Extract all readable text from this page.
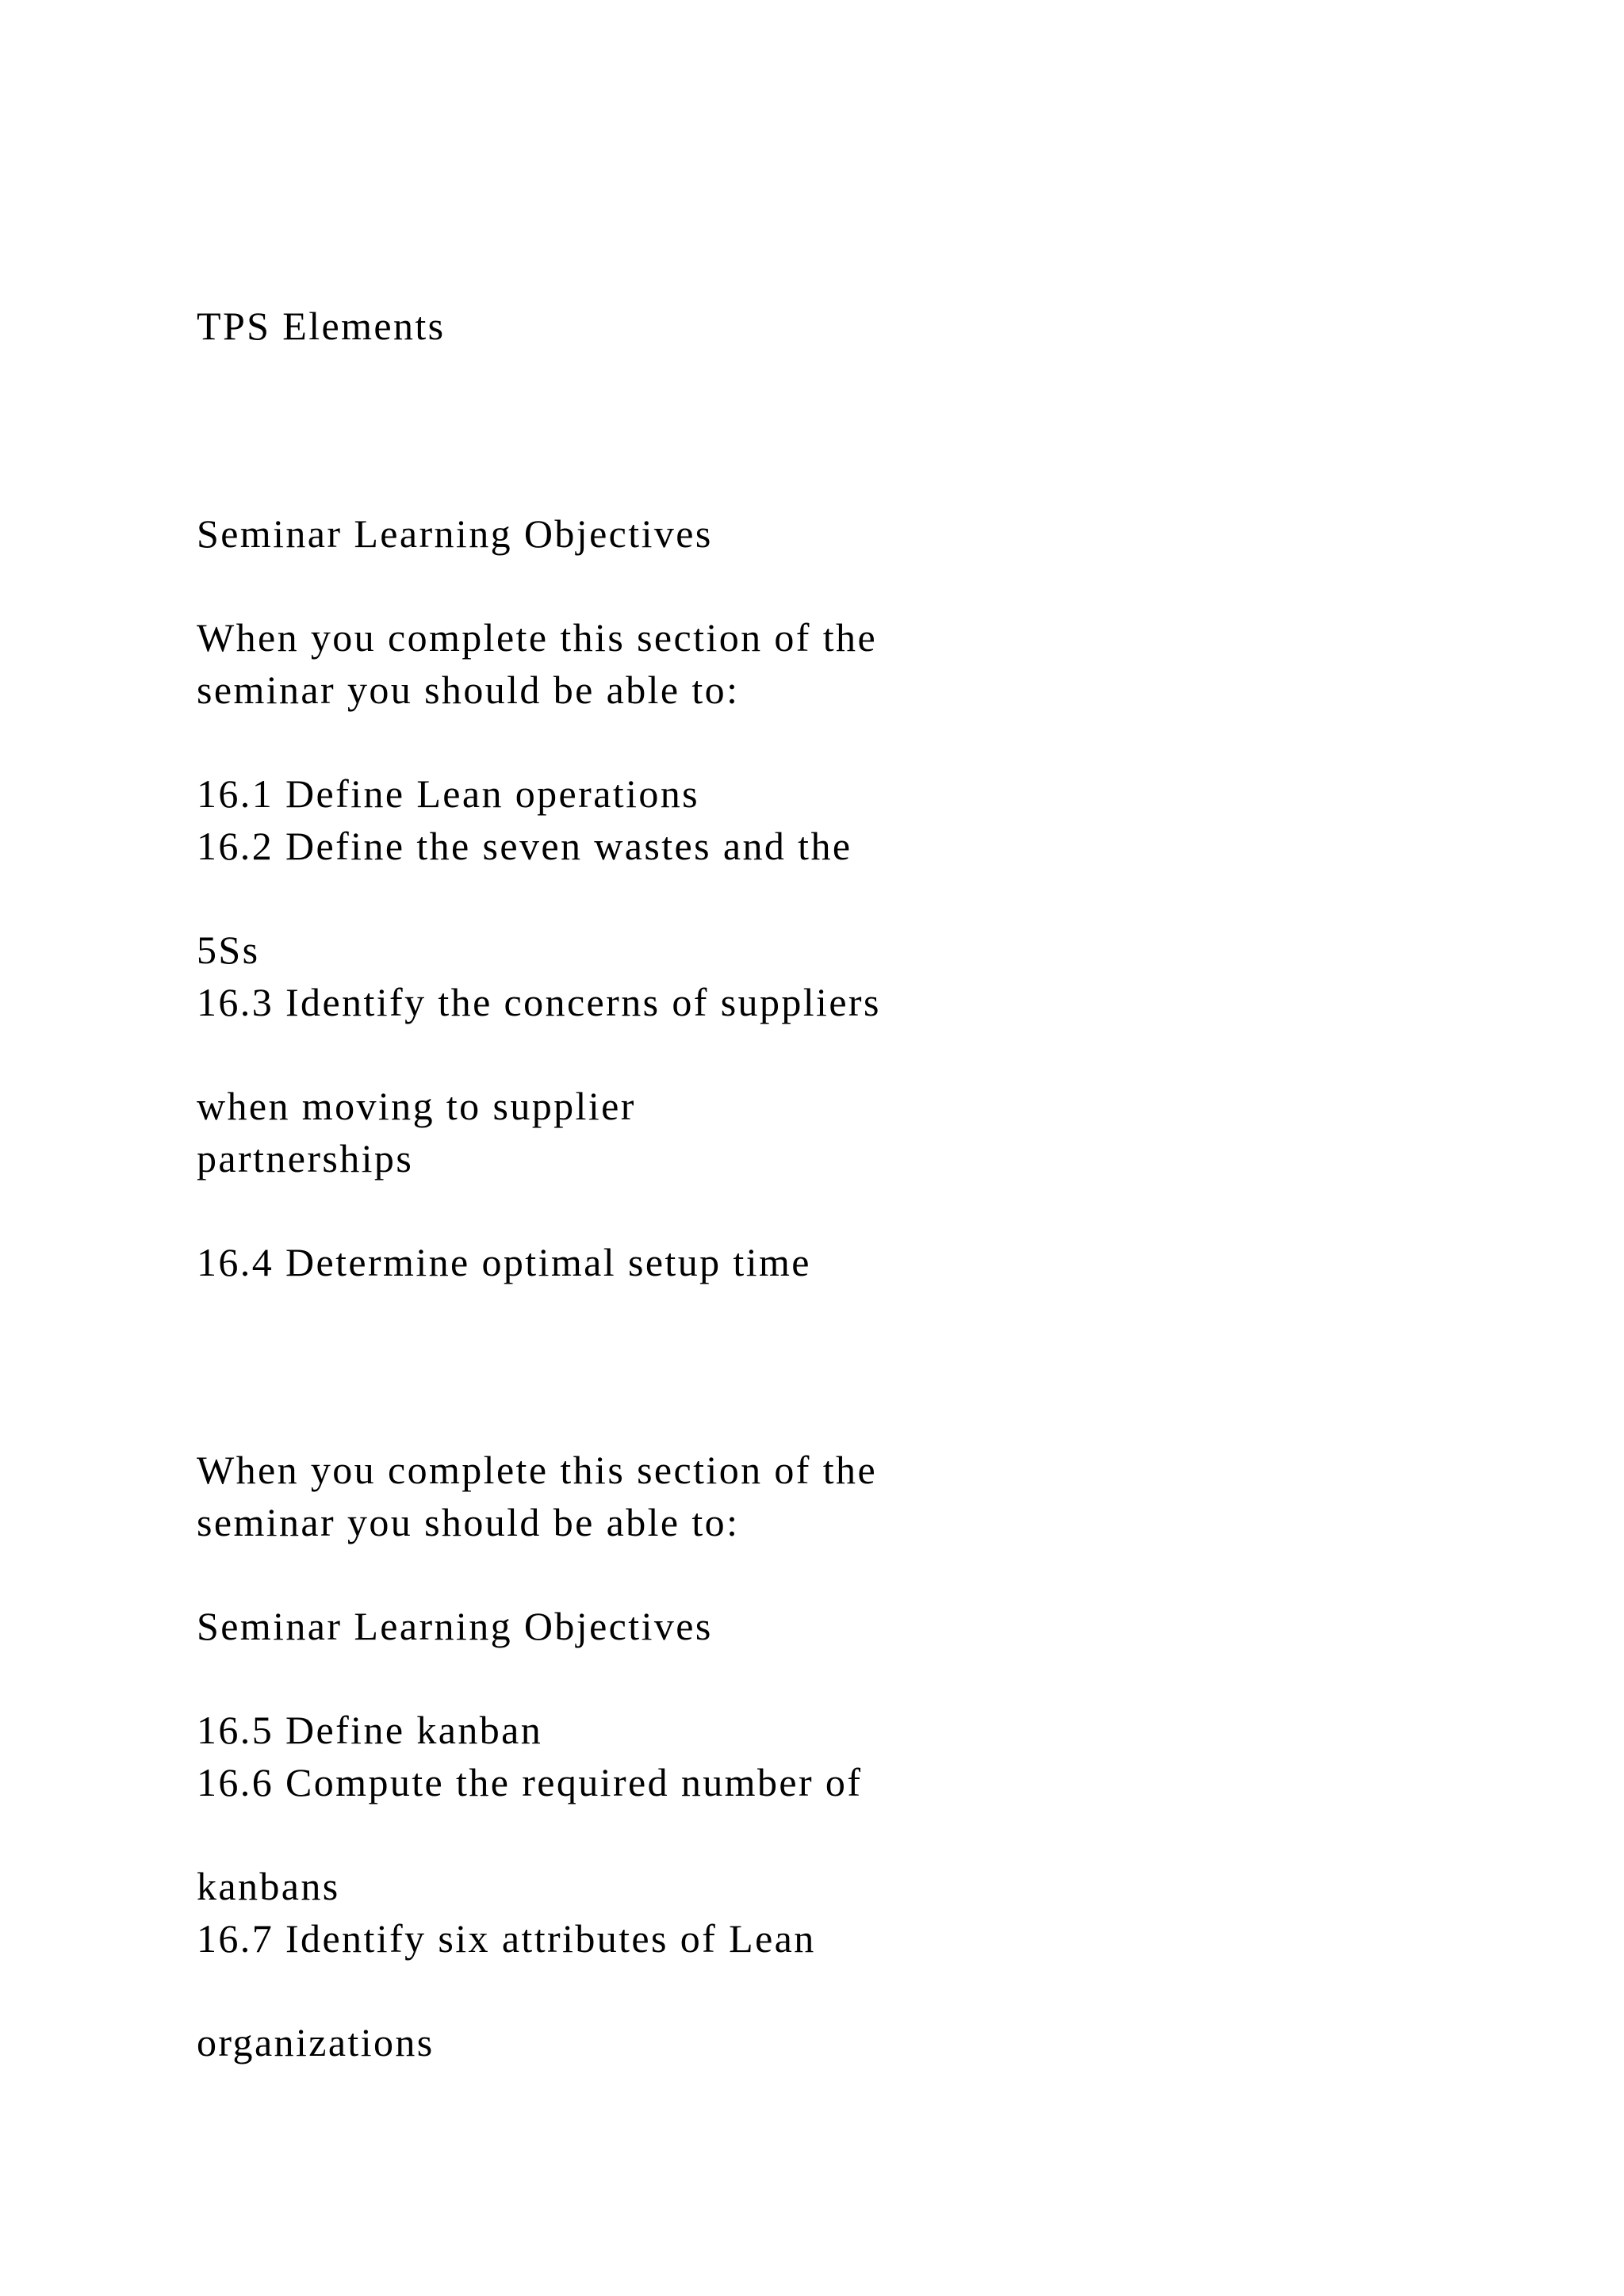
TPS Elements

Seminar Learning Objectives

When you complete this section of the

seminar you should be able to:

16.1 Define Lean operations

16.2 Define the seven wastes and the

5Ss

16.3 Identify the concerns of suppliers

when moving to supplier

partnerships

16.4 Determine optimal setup time

When you complete this section of the

seminar you should be able to:

Seminar Learning Objectives

16.5 Define kanban

16.6 Compute the required number of

kanbans

16.7 Identify six attributes of Lean

organizations
